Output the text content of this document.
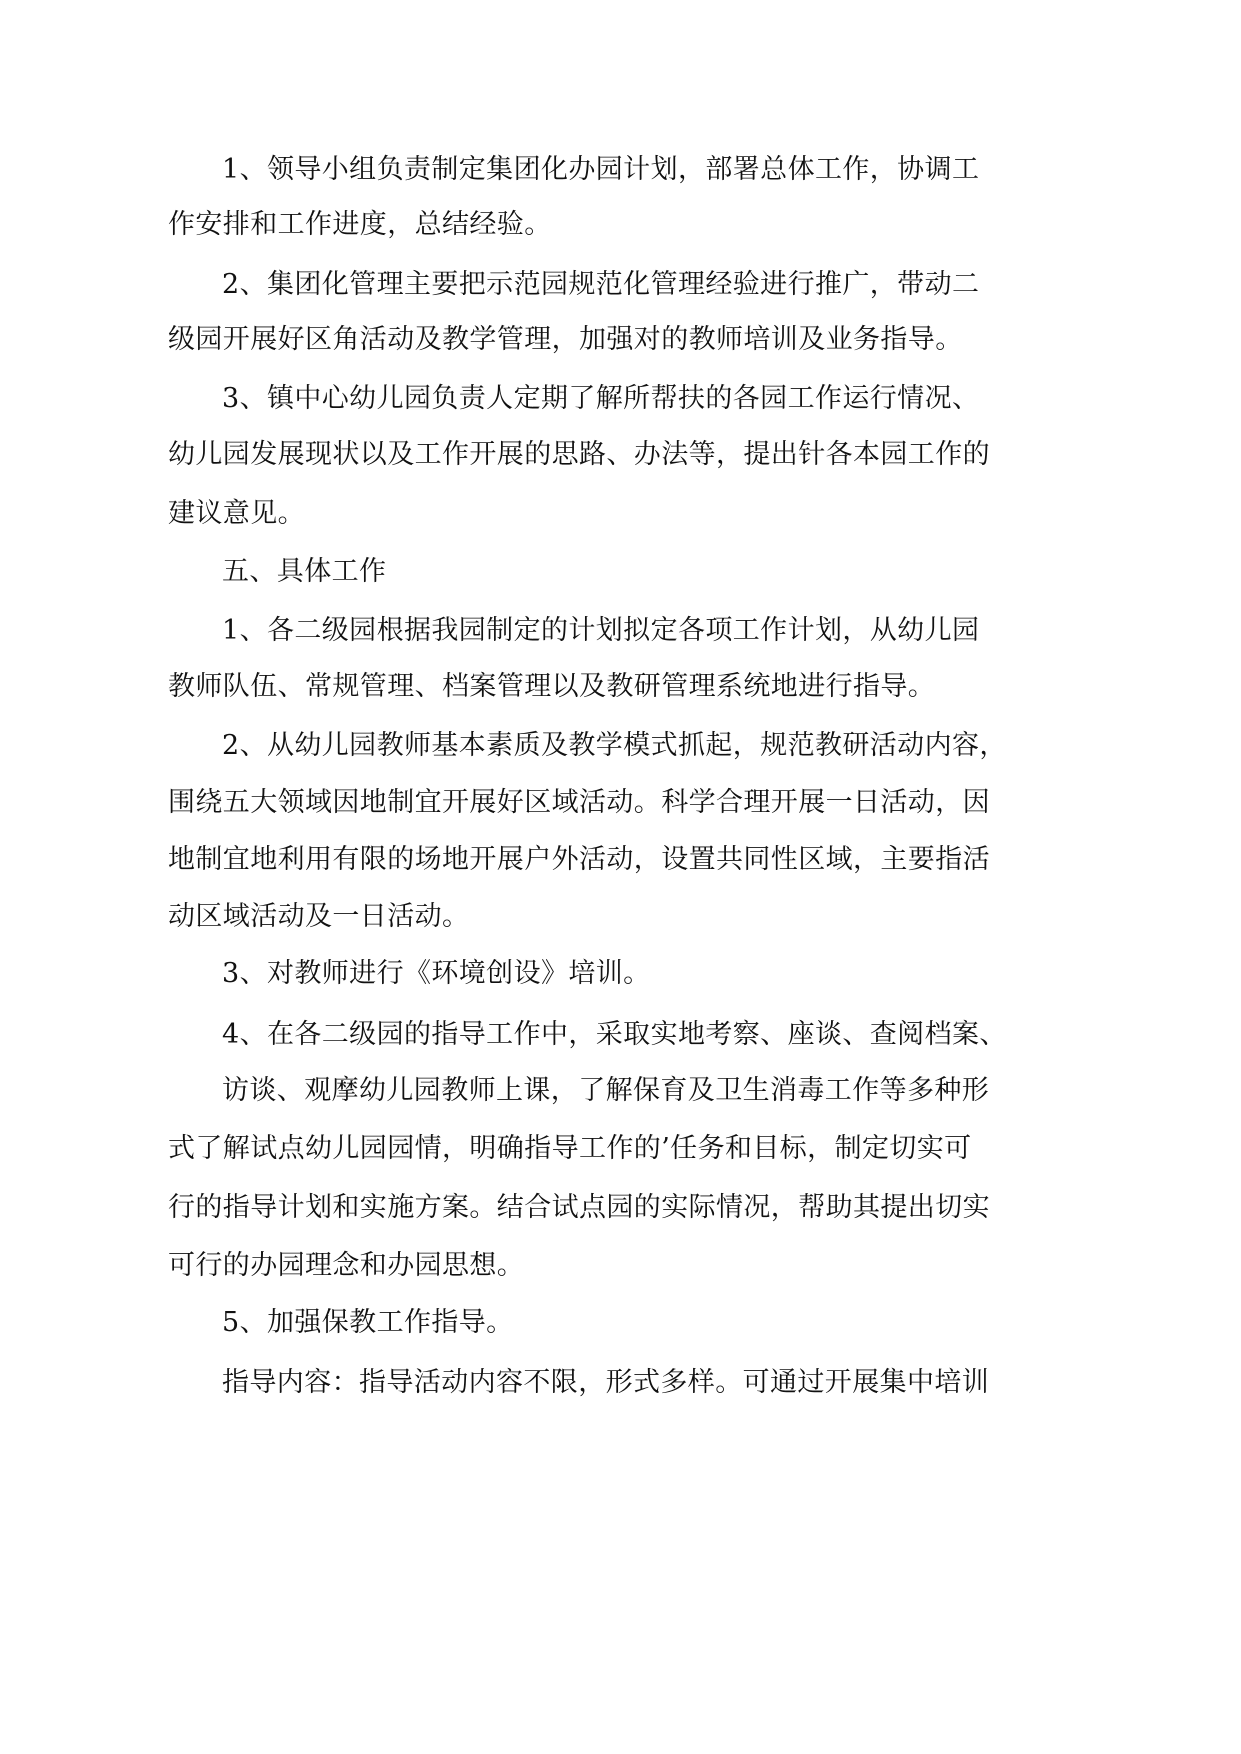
1、领导小组负责制定集团化办园计划，部署总体工作，协调工
作安排和工作进度，总结经验。
2、集团化管理主要把示范园规范化管理经验进行推广，带动二
级园开展好区角活动及教学管理，加强对的教师培训及业务指导。
3、镇中心幼儿园负责人定期了解所帮扶的各园工作运行情况、
幼儿园发展现状以及工作开展的思路、办法等，提出针各本园工作的
建议意见。
五、具体工作
1、各二级园根据我园制定的计划拟定各项工作计划，从幼儿园
教师队伍、常规管理、档案管理以及教研管理系统地进行指导。
2、从幼儿园教师基本素质及教学模式抓起，规范教研活动内容，
围绕五大领域因地制宜开展好区域活动。科学合理开展一日活动，因
地制宜地利用有限的场地开展户外活动，设置共同性区域，主要指活
动区域活动及一日活动。
3、对教师进行《环境创设》培训。
4、在各二级园的指导工作中，采取实地考察、座谈、查阅档案、
访谈、观摩幼儿园教师上课，了解保育及卫生消毒工作等多种形
式了解试点幼儿园园情，明确指导工作的’任务和目标，制定切实可
行的指导计划和实施方案。结合试点园的实际情况，帮助其提出切实
可行的办园理念和办园思想。
5、加强保教工作指导。
指导内容：指导活动内容不限，形式多样。可通过开展集中培训
